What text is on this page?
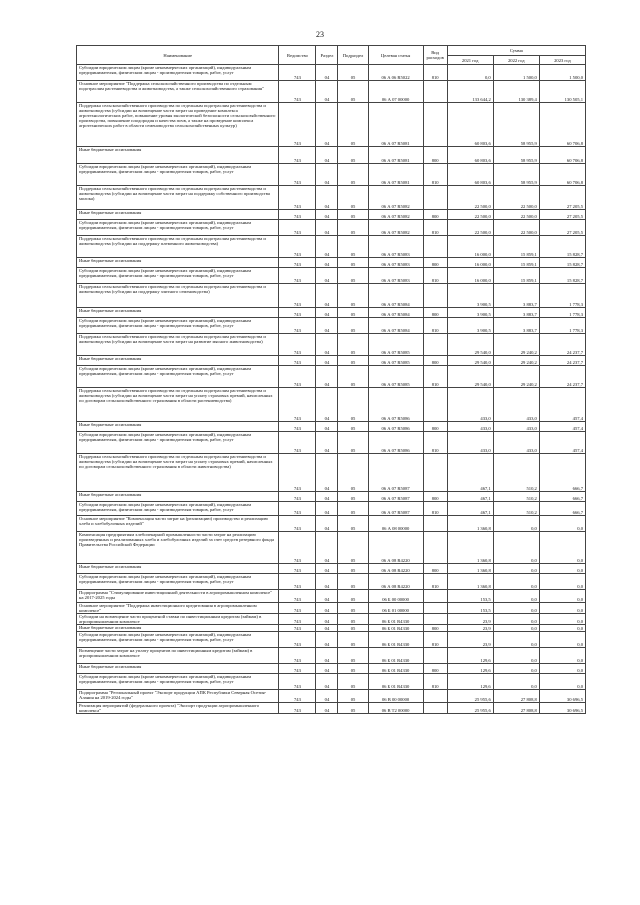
23
Наименование	Ведомство	Раздел	Подраздел	Целевая статья	Вид расходов	Сумма		
						2021 год	2022 год	2023 год
Субсидии юридическим лицам (кроме некоммерческих организаций), индивидуальным предпринимателям, физическим лицам - производителям товаров, работ, услуг	743	04	05	06 А 06 R5022	810	0,0	1 500,0	1 500,0
Основное мероприятие "Поддержка сельскохозяйственного производства по отдельным подотраслям растениеводства и животноводства, а также сельскохозяйственного страхования"	743	04	05	06 А 07 00000		133 644,2	130 389,4	130 505,1
Поддержка сельскохозяйственного производства по отдельным подотраслям растениеводства и животноводства (субсидии на возмещение части затрат на проведение комплекса агротехнологических работ, повышение уровня экологической безопасности сельскохозяйственного производства, повышение плодородия и качества почв, а также на проведение комплекса агротехнических работ в области семеноводства сельскохозяйственных культур)	743	04	05	06 А 07 R5081		60 803,6	58 955,9	60 706,8
Иные бюджетные ассигнования	743	04	05	06 А 07 R5081	800	60 803,6	58 955,9	60 706,8
Субсидии юридическим лицам (кроме некоммерческих организаций), индивидуальным предпринимателям, физическим лицам - производителям товаров, работ, услуг	743	04	05	06 А 07 R5081	810	60 803,6	58 955,9	60 706,8
Поддержка сельскохозяйственного производства по отдельным подотраслям растениеводства и животноводства (субсидии на возмещение части затрат на поддержку собственного производства молока)	743	04	05	06 А 07 R5082		22 500,0	22 500,0	27 205,5
Иные бюджетные ассигнования	743	04	05	06 А 07 R5082	800	22 500,0	22 500,0	27 205,5
Субсидии юридическим лицам (кроме некоммерческих организаций), индивидуальным предпринимателям, физическим лицам - производителям товаров, работ, услуг	743	04	05	06 А 07 R5082	810	22 500,0	22 500,0	27 205,5
Поддержка сельскохозяйственного производства по отдельным подотраслям растениеводства и животноводства (субсидии на поддержку племенного животноводства)	743	04	05	06 А 07 R5083		16 000,0	15 859,1	15 828,7
Иные бюджетные ассигнования	743	04	05	06 А 07 R5083	800	16 000,0	15 859,1	15 828,7
Субсидии юридическим лицам (кроме некоммерческих организаций), индивидуальным предпринимателям, физическим лицам - производителям товаров, работ, услуг	743	04	05	06 А 07 R5083	810	16 000,0	15 859,1	15 828,7
Поддержка сельскохозяйственного производства по отдельным подотраслям растениеводства и животноводства (субсидии на поддержку элитного семеноводства)	743	04	05	06 А 07 R5084		3 900,5	3 883,7	1 778,3
Иные бюджетные ассигнования	743	04	05	06 А 07 R5084	800	3 900,5	3 883,7	1 778,3
Субсидии юридическим лицам (кроме некоммерческих организаций), индивидуальным предпринимателям, физическим лицам - производителям товаров, работ, услуг	743	04	05	06 А 07 R5084	810	3 900,5	3 883,7	1 778,3
Поддержка сельскохозяйственного производства по отдельным подотраслям растениеводства и животноводства (субсидии на возмещение части затрат на развитие мясного животноводства)	743	04	05	06 А 07 R5085		29 540,0	29 240,2	24 237,7
Иные бюджетные ассигнования	743	04	05	06 А 07 R5085	800	29 540,0	29 240,2	24 237,7
Субсидии юридическим лицам (кроме некоммерческих организаций), индивидуальным предпринимателям, физическим лицам - производителям товаров, работ, услуг	743	04	05	06 А 07 R5085	810	29 540,0	29 240,2	24 237,7
Поддержка сельскохозяйственного производства по отдельным подотраслям растениеводства и животноводства (субсидии на возмещение части затрат на уплату страховых премий, начисленных по договорам сельскохозяйственного страхования в области растениеводства)	743	04	05	06 А 07 R5086		433,0	433,0	457,4
Иные бюджетные ассигнования	743	04	05	06 А 07 R5086	800	433,0	433,0	457,4
Субсидии юридическим лицам (кроме некоммерческих организаций), индивидуальным предпринимателям, физическим лицам - производителям товаров, работ, услуг	743	04	05	06 А 07 R5086	810	433,0	433,0	457,4
Поддержка сельскохозяйственного производства по отдельным подотраслям растениеводства и животноводства (субсидии на возмещение части затрат на уплату страховых премий, начисленных по договорам сельскохозяйственного страхования в области животноводства)	743	04	05	06 А 07 R5087		467,1	510,2	666,7
Иные бюджетные ассигнования	743	04	05	06 А 07 R5087	800	467,1	510,2	666,7
Субсидии юридическим лицам (кроме некоммерческих организаций), индивидуальным предпринимателям, физическим лицам - производителям товаров, работ, услуг	743	04	05	06 А 07 R5087	810	467,1	510,2	666,7
Основное мероприятие "Компенсация части затрат на (реализацию) производство и реализацию хлеба и хлебобулочных изделий"	743	04	05	06 А 08 00000		1 360,8	0,0	0,0
Компенсация предприятиям хлебопекарной промышленности части затрат на реализацию произведенных и реализованных хлеба и хлебобулочных изделий за счет средств резервного фонда Правительства Российской Федерации	743	04	05	06 А 08 R4220		1 360,8	0,0	0,0
Иные бюджетные ассигнования	743	04	05	06 А 08 R4220	800	1 360,8	0,0	0,0
Субсидии юридическим лицам (кроме некоммерческих организаций), индивидуальным предпринимателям, физическим лицам - производителям товаров, работ, услуг	743	04	05	06 А 08 R4220	810	1 360,8	0,0	0,0
Подпрограмма "Стимулирование инвестиционной деятельности в агропромышленном комплексе" на 2017-2025 годы	743	04	05	06 Б 00 00000		153,5	0,0	0,0
Основное мероприятие "Поддержка инвестиционного кредитования в агропромышленном комплексе"	743	04	05	06 Б 01 00000		153,5	0,0	0,0
Субсидии на возмещение части процентной ставки по инвестиционным кредитам (займам) в агропромышленном комплексе	743	04	05	06 Б 01 R4330		23,9	0,0	0,0
Иные бюджетные ассигнования	743	04	05	06 Б 01 R4330	800	23,9	0,0	0,0
Субсидии юридическим лицам (кроме некоммерческих организаций), индивидуальным предпринимателям, физическим лицам - производителям товаров, работ, услуг	743	04	05	06 Б 01 R4330	810	23,9	0,0	0,0
Возмещение части затрат на уплату процентов по инвестиционным кредитам (займам) в агропромышленном комплексе	743	04	05	06 Б 01 R4330		129,6	0,0	0,0
Иные бюджетные ассигнования	743	04	05	06 Б 01 R4330	800	129,6	0,0	0,0
Субсидии юридическим лицам (кроме некоммерческих организаций), индивидуальным предпринимателям, физическим лицам - производителям товаров, работ, услуг	743	04	05	06 Б 01 R4330	810	129,6	0,0	0,0
Подпрограмма "Региональный проект "Экспорт продукции АПК Республики Северная Осетия-Алания на 2019-2024 годы"	743	04	05	06 В 00 00000		25 955,6	27 808,8	30 696,5
Реализация мероприятий (федерального проекта) "Экспорт продукции агропромышленного комплекса"	743	04	05	06 В Т2 00000		25 955,6	27 808,8	30 696,5
